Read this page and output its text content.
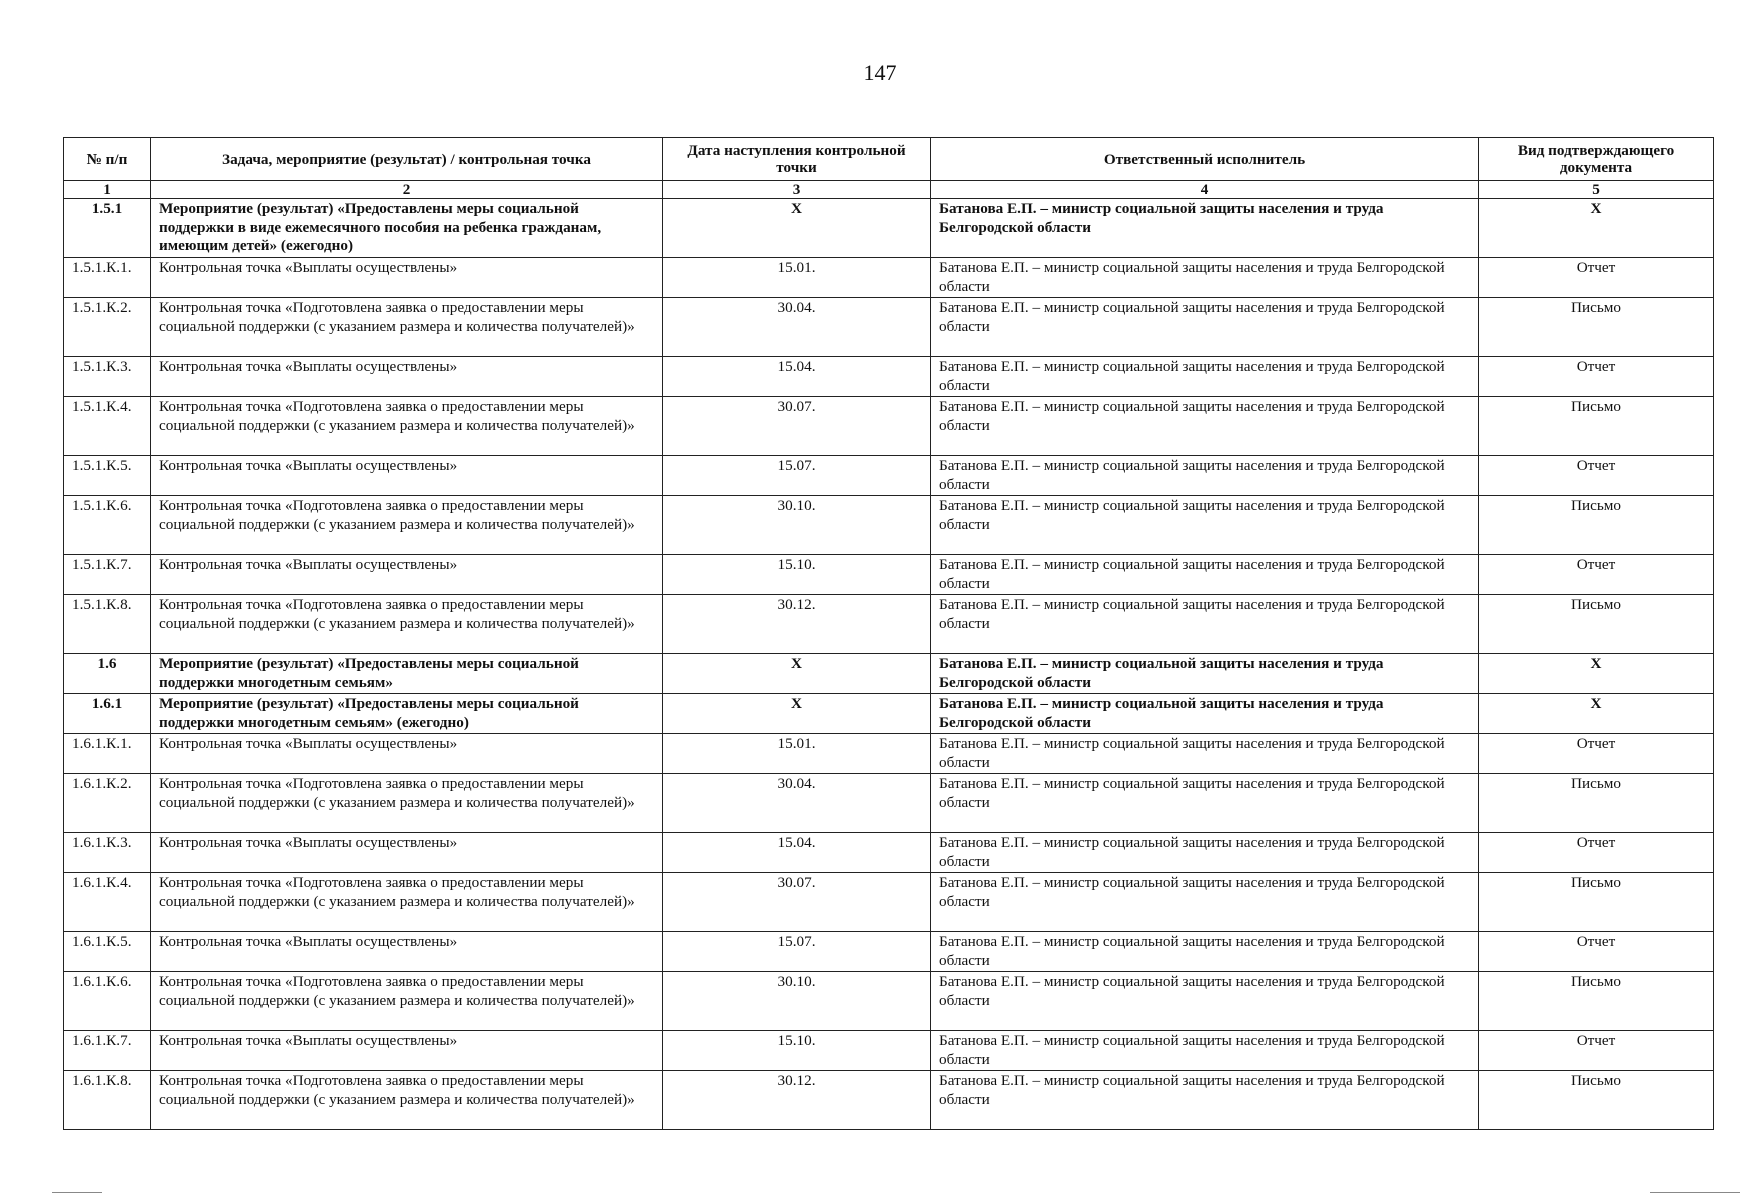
147
№ п/п	Задача, мероприятие (результат) / контрольная точка	Дата наступления контрольной точки	Ответственный исполнитель	Вид подтверждающего документа
1	2	3	4	5
1.5.1	Мероприятие (результат) «Предоставлены меры социальной поддержки в виде ежемесячного пособия на ребенка гражданам, имеющим детей» (ежегодно)	X	Батанова Е.П. – министр социальной защиты населения и труда Белгородской области	X
1.5.1.К.1.	Контрольная точка «Выплаты осуществлены»	15.01.	Батанова Е.П. – министр социальной защиты населения и труда Белгородской области	Отчет
1.5.1.К.2.	Контрольная точка «Подготовлена заявка о предоставлении меры социальной поддержки (с указанием размера и количества получателей)»	30.04.	Батанова Е.П. – министр социальной защиты населения и труда Белгородской области	Письмо
1.5.1.К.3.	Контрольная точка «Выплаты осуществлены»	15.04.	Батанова Е.П. – министр социальной защиты населения и труда Белгородской области	Отчет
1.5.1.К.4.	Контрольная точка «Подготовлена заявка о предоставлении меры социальной поддержки (с указанием размера и количества получателей)»	30.07.	Батанова Е.П. – министр социальной защиты населения и труда Белгородской области	Письмо
1.5.1.К.5.	Контрольная точка «Выплаты осуществлены»	15.07.	Батанова Е.П. – министр социальной защиты населения и труда Белгородской области	Отчет
1.5.1.К.6.	Контрольная точка «Подготовлена заявка о предоставлении меры социальной поддержки (с указанием размера и количества получателей)»	30.10.	Батанова Е.П. – министр социальной защиты населения и труда Белгородской области	Письмо
1.5.1.К.7.	Контрольная точка «Выплаты осуществлены»	15.10.	Батанова Е.П. – министр социальной защиты населения и труда Белгородской области	Отчет
1.5.1.К.8.	Контрольная точка «Подготовлена заявка о предоставлении меры социальной поддержки (с указанием размера и количества получателей)»	30.12.	Батанова Е.П. – министр социальной защиты населения и труда Белгородской области	Письмо
1.6	Мероприятие (результат) «Предоставлены меры социальной поддержки многодетным семьям»	X	Батанова Е.П. – министр социальной защиты населения и труда Белгородской области	X
1.6.1	Мероприятие (результат) «Предоставлены меры социальной поддержки многодетным семьям» (ежегодно)	X	Батанова Е.П. – министр социальной защиты населения и труда Белгородской области	X
1.6.1.К.1.	Контрольная точка «Выплаты осуществлены»	15.01.	Батанова Е.П. – министр социальной защиты населения и труда Белгородской области	Отчет
1.6.1.К.2.	Контрольная точка «Подготовлена заявка о предоставлении меры социальной поддержки (с указанием размера и количества получателей)»	30.04.	Батанова Е.П. – министр социальной защиты населения и труда Белгородской области	Письмо
1.6.1.К.3.	Контрольная точка «Выплаты осуществлены»	15.04.	Батанова Е.П. – министр социальной защиты населения и труда Белгородской области	Отчет
1.6.1.К.4.	Контрольная точка «Подготовлена заявка о предоставлении меры социальной поддержки (с указанием размера и количества получателей)»	30.07.	Батанова Е.П. – министр социальной защиты населения и труда Белгородской области	Письмо
1.6.1.К.5.	Контрольная точка «Выплаты осуществлены»	15.07.	Батанова Е.П. – министр социальной защиты населения и труда Белгородской области	Отчет
1.6.1.К.6.	Контрольная точка «Подготовлена заявка о предоставлении меры социальной поддержки (с указанием размера и количества получателей)»	30.10.	Батанова Е.П. – министр социальной защиты населения и труда Белгородской области	Письмо
1.6.1.К.7.	Контрольная точка «Выплаты осуществлены»	15.10.	Батанова Е.П. – министр социальной защиты населения и труда Белгородской области	Отчет
1.6.1.К.8.	Контрольная точка «Подготовлена заявка о предоставлении меры социальной поддержки (с указанием размера и количества получателей)»	30.12.	Батанова Е.П. – министр социальной защиты населения и труда Белгородской области	Письмо
